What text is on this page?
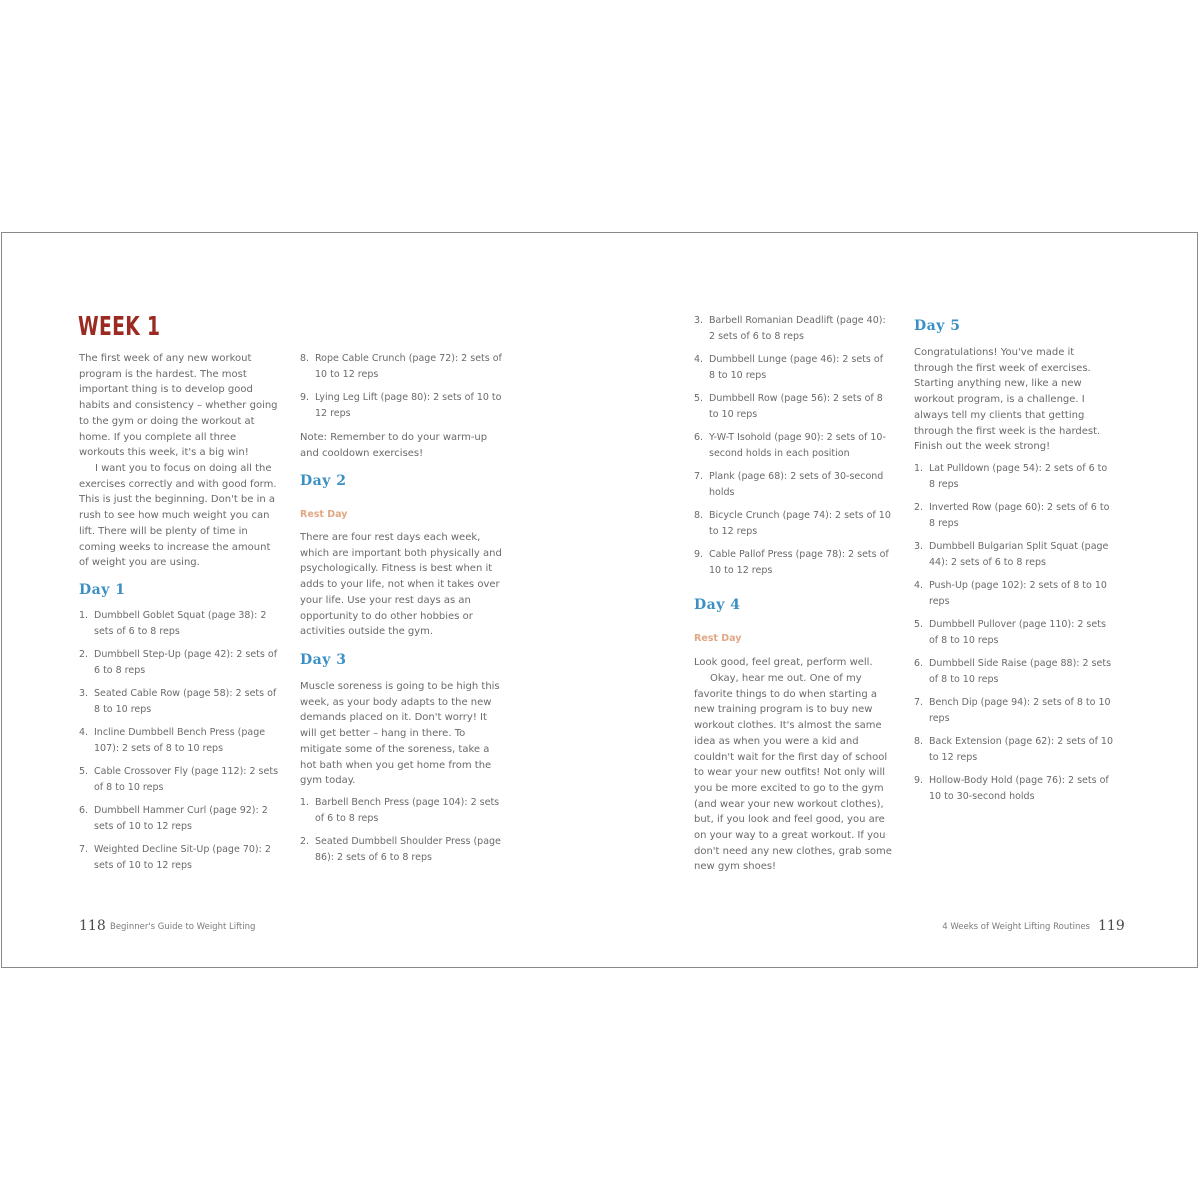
WEEK 1

The first week of any new workout program is the hardest. The most important thing is to develop good habits and consistency – whether going to the gym or doing the workout at home. If you complete all three workouts this week, it's a big win!

I want you to focus on doing all the exercises correctly and with good form. This is just the beginning. Don't be in a rush to see how much weight you can lift. There will be plenty of time in coming weeks to increase the amount of weight you are using.

Day 1
1. Dumbbell Goblet Squat (page 38): 2 sets of 6 to 8 reps
2. Dumbbell Step-Up (page 42): 2 sets of 6 to 8 reps
3. Seated Cable Row (page 58): 2 sets of 8 to 10 reps
4. Incline Dumbbell Bench Press (page 107): 2 sets of 8 to 10 reps
5. Cable Crossover Fly (page 112): 2 sets of 8 to 10 reps
6. Dumbbell Hammer Curl (page 92): 2 sets of 10 to 12 reps
7. Weighted Decline Sit-Up (page 70): 2 sets of 10 to 12 reps
8. Rope Cable Crunch (page 72): 2 sets of 10 to 12 reps
9. Lying Leg Lift (page 80): 2 sets of 10 to 12 reps

Note: Remember to do your warm-up and cooldown exercises!

Day 2

Rest Day

There are four rest days each week, which are important both physically and psychologically. Fitness is best when it adds to your life, not when it takes over your life. Use your rest days as an opportunity to do other hobbies or activities outside the gym.

Day 3

Muscle soreness is going to be high this week, as your body adapts to the new demands placed on it. Don't worry! It will get better – hang in there. To mitigate some of the soreness, take a hot bath when you get home from the gym today.

1. Barbell Bench Press (page 104): 2 sets of 6 to 8 reps
2. Seated Dumbbell Shoulder Press (page 86): 2 sets of 6 to 8 reps

118 Beginner's Guide to Weight Lifting

3. Barbell Romanian Deadlift (page 40): 2 sets of 6 to 8 reps
4. Dumbbell Lunge (page 46): 2 sets of 8 to 10 reps
5. Dumbbell Row (page 56): 2 sets of 8 to 10 reps
6. Y-W-T Isohold (page 90): 2 sets of 10-second holds in each position
7. Plank (page 68): 2 sets of 30-second holds
8. Bicycle Crunch (page 74): 2 sets of 10 to 12 reps
9. Cable Pallof Press (page 78): 2 sets of 10 to 12 reps
Day 4

Rest Day

Look good, feel great, perform well.

Okay, hear me out. One of my favorite things to do when starting a new training program is to buy new workout clothes. It's almost the same idea as when you were a kid and couldn't wait for the first day of school to wear your new outfits! Not only will you be more excited to go to the gym (and wear your new workout clothes), but, if you look and feel good, you are on your way to a great workout. If you don't need any new clothes, grab some new gym shoes!

Day 5

Congratulations! You've made it through the first week of exercises. Starting anything new, like a new workout program, is a challenge. I always tell my clients that getting through the first week is the hardest. Finish out the week strong!

1. Lat Pulldown (page 54): 2 sets of 6 to 8 reps
2. Inverted Row (page 60): 2 sets of 6 to 8 reps
3. Dumbbell Bulgarian Split Squat (page 44): 2 sets of 6 to 8 reps
4. Push-Up (page 102): 2 sets of 8 to 10 reps
5. Dumbbell Pullover (page 110): 2 sets of 8 to 10 reps
6. Dumbbell Side Raise (page 88): 2 sets of 8 to 10 reps
7. Bench Dip (page 94): 2 sets of 8 to 10 reps
8. Back Extension (page 62): 2 sets of 10 to 12 reps
9. Hollow-Body Hold (page 76): 2 sets of 10 to 30-second holds

4 Weeks of Weight Lifting Routines 119
